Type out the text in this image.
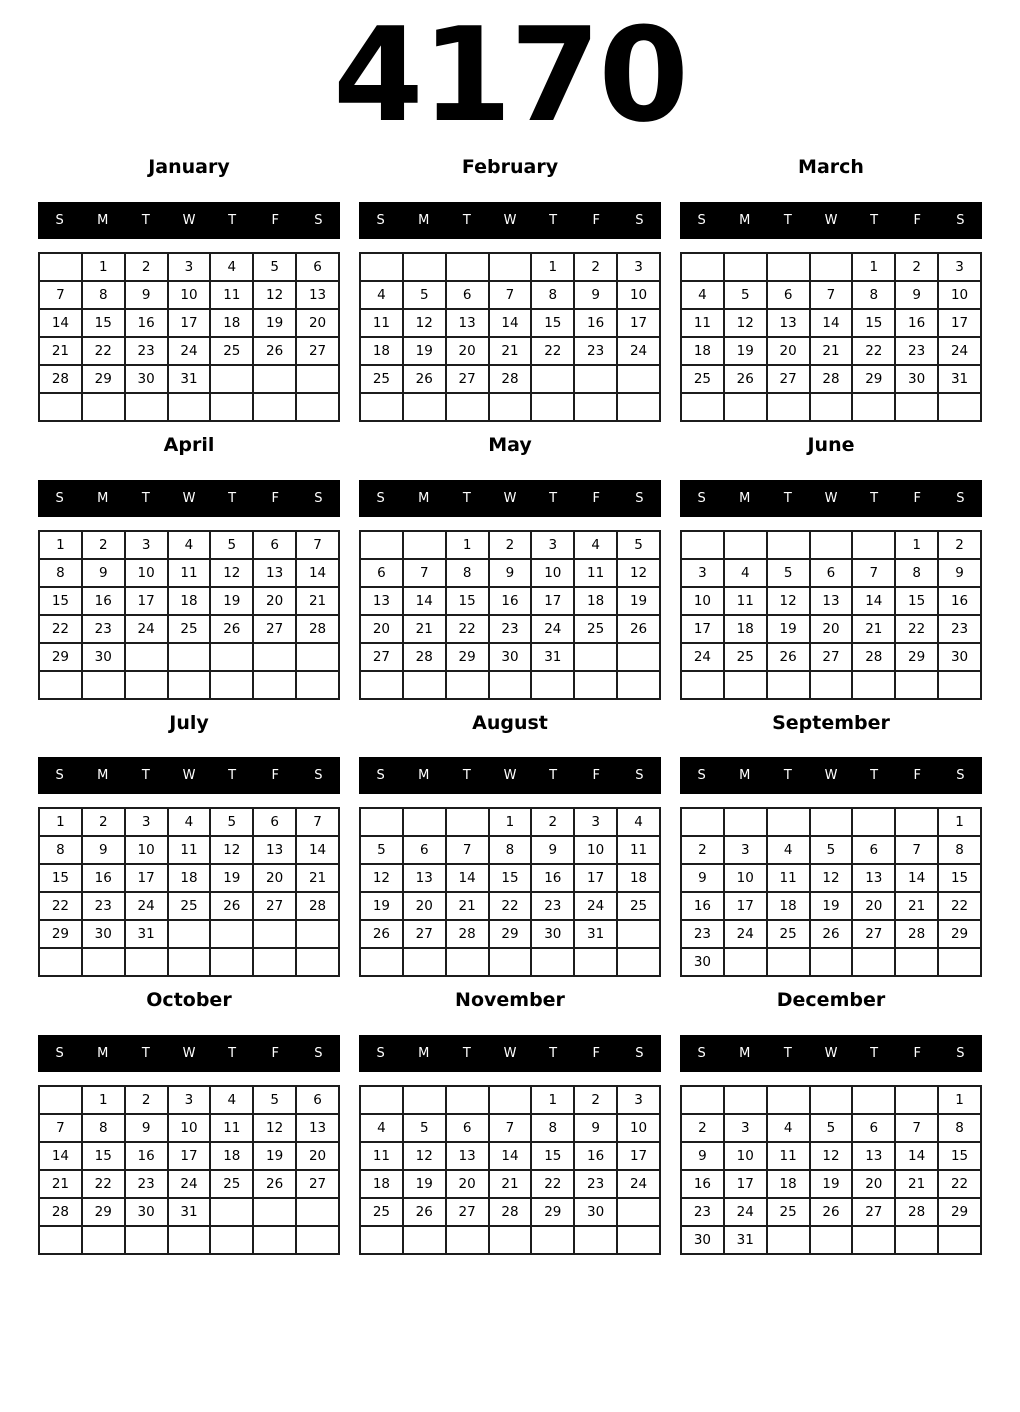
4170
January
S	M	T	W	T	F	S
	1	2	3	4	5	6
7	8	9	10	11	12	13
14	15	16	17	18	19	20
21	22	23	24	25	26	27
28	29	30	31			

February
S	M	T	W	T	F	S
				1	2	3
4	5	6	7	8	9	10
11	12	13	14	15	16	17
18	19	20	21	22	23	24
25	26	27	28			

March
S	M	T	W	T	F	S
				1	2	3
4	5	6	7	8	9	10
11	12	13	14	15	16	17
18	19	20	21	22	23	24
25	26	27	28	29	30	31

April
S	M	T	W	T	F	S
1	2	3	4	5	6	7
8	9	10	11	12	13	14
15	16	17	18	19	20	21
22	23	24	25	26	27	28
29	30					

May
S	M	T	W	T	F	S
		1	2	3	4	5
6	7	8	9	10	11	12
13	14	15	16	17	18	19
20	21	22	23	24	25	26
27	28	29	30	31		

June
S	M	T	W	T	F	S
					1	2
3	4	5	6	7	8	9
10	11	12	13	14	15	16
17	18	19	20	21	22	23
24	25	26	27	28	29	30

July
S	M	T	W	T	F	S
1	2	3	4	5	6	7
8	9	10	11	12	13	14
15	16	17	18	19	20	21
22	23	24	25	26	27	28
29	30	31				

August
S	M	T	W	T	F	S
			1	2	3	4
5	6	7	8	9	10	11
12	13	14	15	16	17	18
19	20	21	22	23	24	25
26	27	28	29	30	31	

September
S	M	T	W	T	F	S
						1
2	3	4	5	6	7	8
9	10	11	12	13	14	15
16	17	18	19	20	21	22
23	24	25	26	27	28	29
30						
October
S	M	T	W	T	F	S
	1	2	3	4	5	6
7	8	9	10	11	12	13
14	15	16	17	18	19	20
21	22	23	24	25	26	27
28	29	30	31			

November
S	M	T	W	T	F	S
				1	2	3
4	5	6	7	8	9	10
11	12	13	14	15	16	17
18	19	20	21	22	23	24
25	26	27	28	29	30	

December
S	M	T	W	T	F	S
						1
2	3	4	5	6	7	8
9	10	11	12	13	14	15
16	17	18	19	20	21	22
23	24	25	26	27	28	29
30	31					
